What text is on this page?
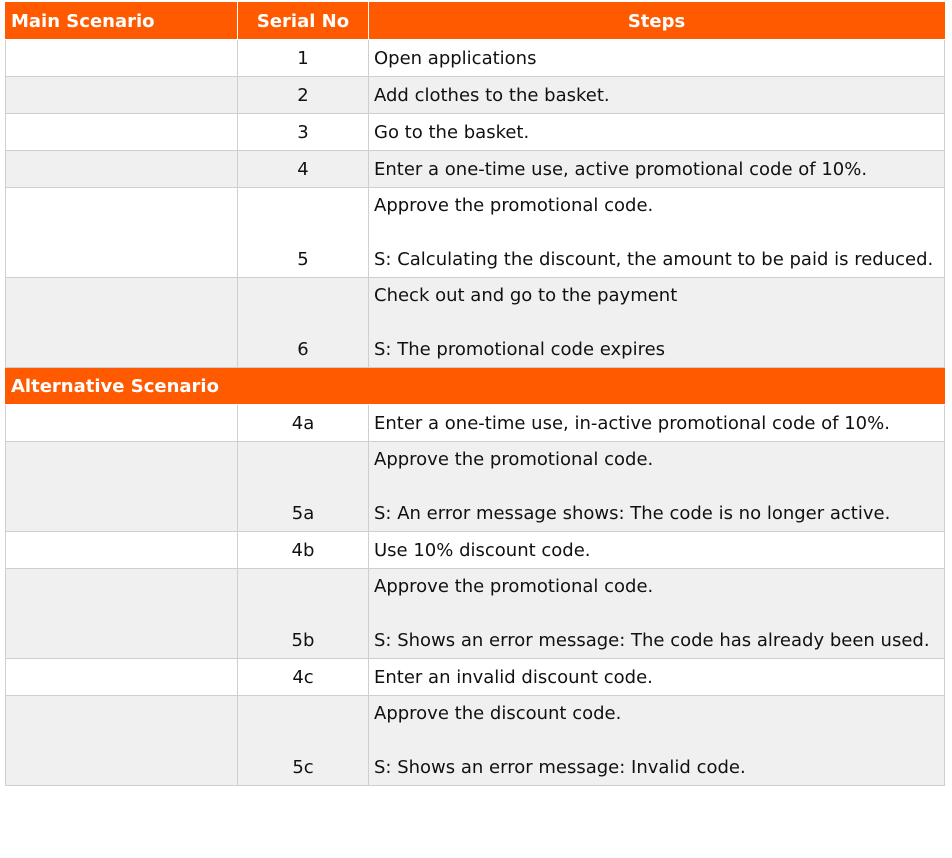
Main Scenario	Serial No	Steps
	1	Open applications
	2	Add clothes to the basket.
	3	Go to the basket.
	4	Enter a one-time use, active promotional code of 10%.
	5	Approve the promotional code.

S: Calculating the discount, the amount to be paid is reduced.
	6	Check out and go to the payment

S: The promotional code expires
Alternative Scenario		
	4a	Enter a one-time use, in-active promotional code of 10%.
	5a	Approve the promotional code.

S: An error message shows: The code is no longer active.
	4b	Use 10% discount code.
	5b	Approve the promotional code.

S: Shows an error message: The code has already been used.
	4c	Enter an invalid discount code.
	5c	Approve the discount code.

S: Shows an error message: Invalid code.
